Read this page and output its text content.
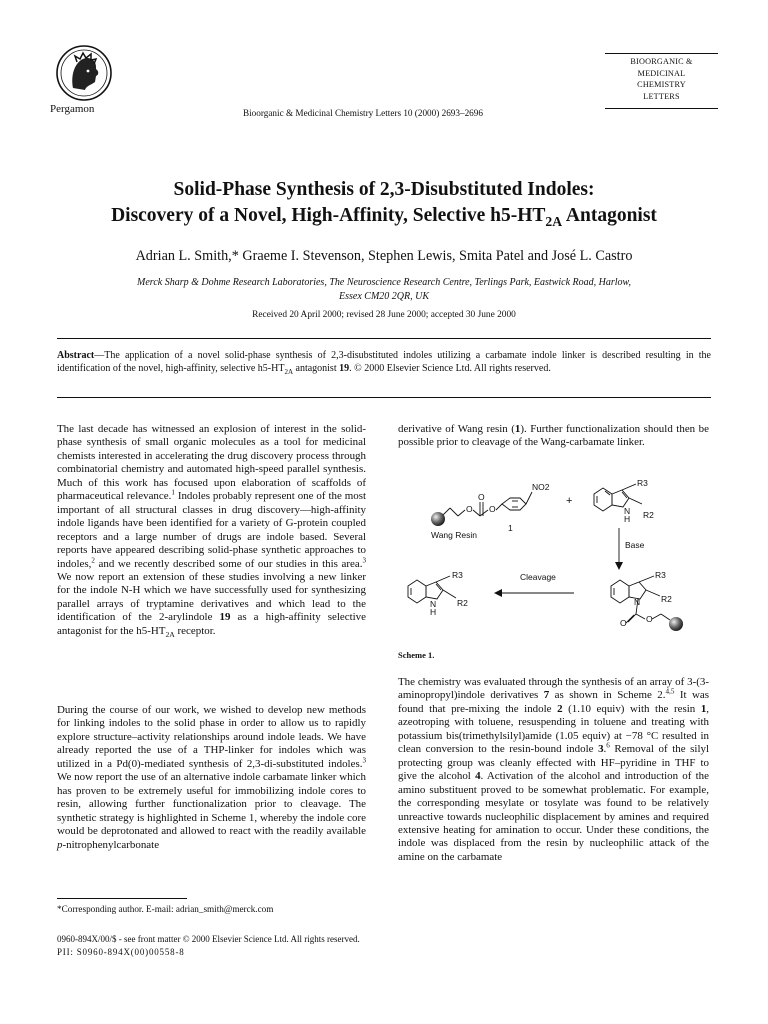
Pergamon	Bioorganic & Medicinal Chemistry Letters 10 (2000) 2693–2696
BIOORGANIC &
MEDICINAL
CHEMISTRY
LETTERS
Solid-Phase Synthesis of 2,3-Disubstituted Indoles:
Discovery of a Novel, High-Affinity, Selective $h5-HT_{2A}$ Antagonist
Adrian L. Smith,* Graeme I. Stevenson, Stephen Lewis, Smita Patel and José L. Castro
Merck Sharp & Dohme Research Laboratories, The Neuroscience Research Centre, Terlings Park, Eastwick Road, Harlow,
Essex CM20 2QR, UK
Received 20 April 2000; revised 28 June 2000; accepted 30 June 2000
Abstract—The application of a novel solid-phase synthesis of 2,3-disubstituted indoles utilizing a carbamate indole linker is described resulting in the identification of the novel, high-affinity, selective $h5-HT_{2A}$ antagonist 19. © 2000 Elsevier Science Ltd. All rights reserved.

The last decade has witnessed an explosion of interest in the solid-phase synthesis of small organic molecules as a tool for medicinal chemists interested in accelerating the drug discovery process through combinatorial chemistry and automated high-speed parallel synthesis. Much of this work has focused upon elaboration of scaffolds of pharmaceutical relevance.$^1$ Indoles probably represent one of the most important of all structural classes in drug discovery—high-affinity indole ligands have been identified for a variety of G-protein coupled receptors and a large number of drugs are indole based. Several reports have appeared describing solid-phase synthetic approaches to indoles,$^2$ and we recently described some of our studies in this area.$^3$ We now report an extension of these studies involving a new linker for the indole N-H which we have successfully used for synthesizing parallel arrays of tryptamine derivatives and which lead to the identification of the 2-arylindole 19 as a high-affinity selective antagonist for the $h5-HT_{2A}$ receptor.

During the course of our work, we wished to develop new methods for linking indoles to the solid phase in order to allow us to rapidly explore structure–activity relationships around indole leads. We have already reported the use of a THP-linker for indoles which was utilized in a Pd(0)-mediated synthesis of 2,3-di-substituted indoles.$^3$ We now report the use of an alternative indole carbamate linker which has proven to be extremely useful for immobilizing indole cores to resin, allowing further functionalization prior to cleavage. The synthetic strategy is highlighted in Scheme 1, whereby the indole core would be deprotonated and allowed to react with the readily available p-nitrophenylcarbonate

derivative of Wang resin (1). Further functionalization should then be possible prior to cleavage of the Wang-carbamate linker.

O
O
O
NO2
+
R3
R2
N
H
1
Wang Resin
Base
R3
R2
N
O O
Cleavage
R3
R2
N
H
Scheme 1.

The chemistry was evaluated through the synthesis of an array of 3-(3-aminopropyl)indole derivatives 7 as shown in Scheme 2.$^{4,5}$ It was found that pre-mixing the indole 2 (1.10 equiv) with the resin 1, azeotroping with toluene, resuspending in toluene and treating with potassium bis(trimethylsilyl)amide (1.05 equiv) at −78 °C resulted in clean conversion to the resin-bound indole 3.$^6$ Removal of the silyl protecting group was cleanly effected with HF–pyridine in THF to give the alcohol 4. Activation of the alcohol and introduction of the amino substituent proved to be somewhat problematic. For example, the corresponding mesylate or tosylate was found to be relatively unreactive towards nucleophilic displacement by amines and required extensive heating for amination to occur. Under these conditions, the indole was displaced from the resin by nucleophilic attack of the amine on the carbamate

*Corresponding author. E-mail: adrian_smith@merck.com
0960-894X/00/$ - see front matter © 2000 Elsevier Science Ltd. All rights reserved.
PII: S0960-894X(00)00558-8
